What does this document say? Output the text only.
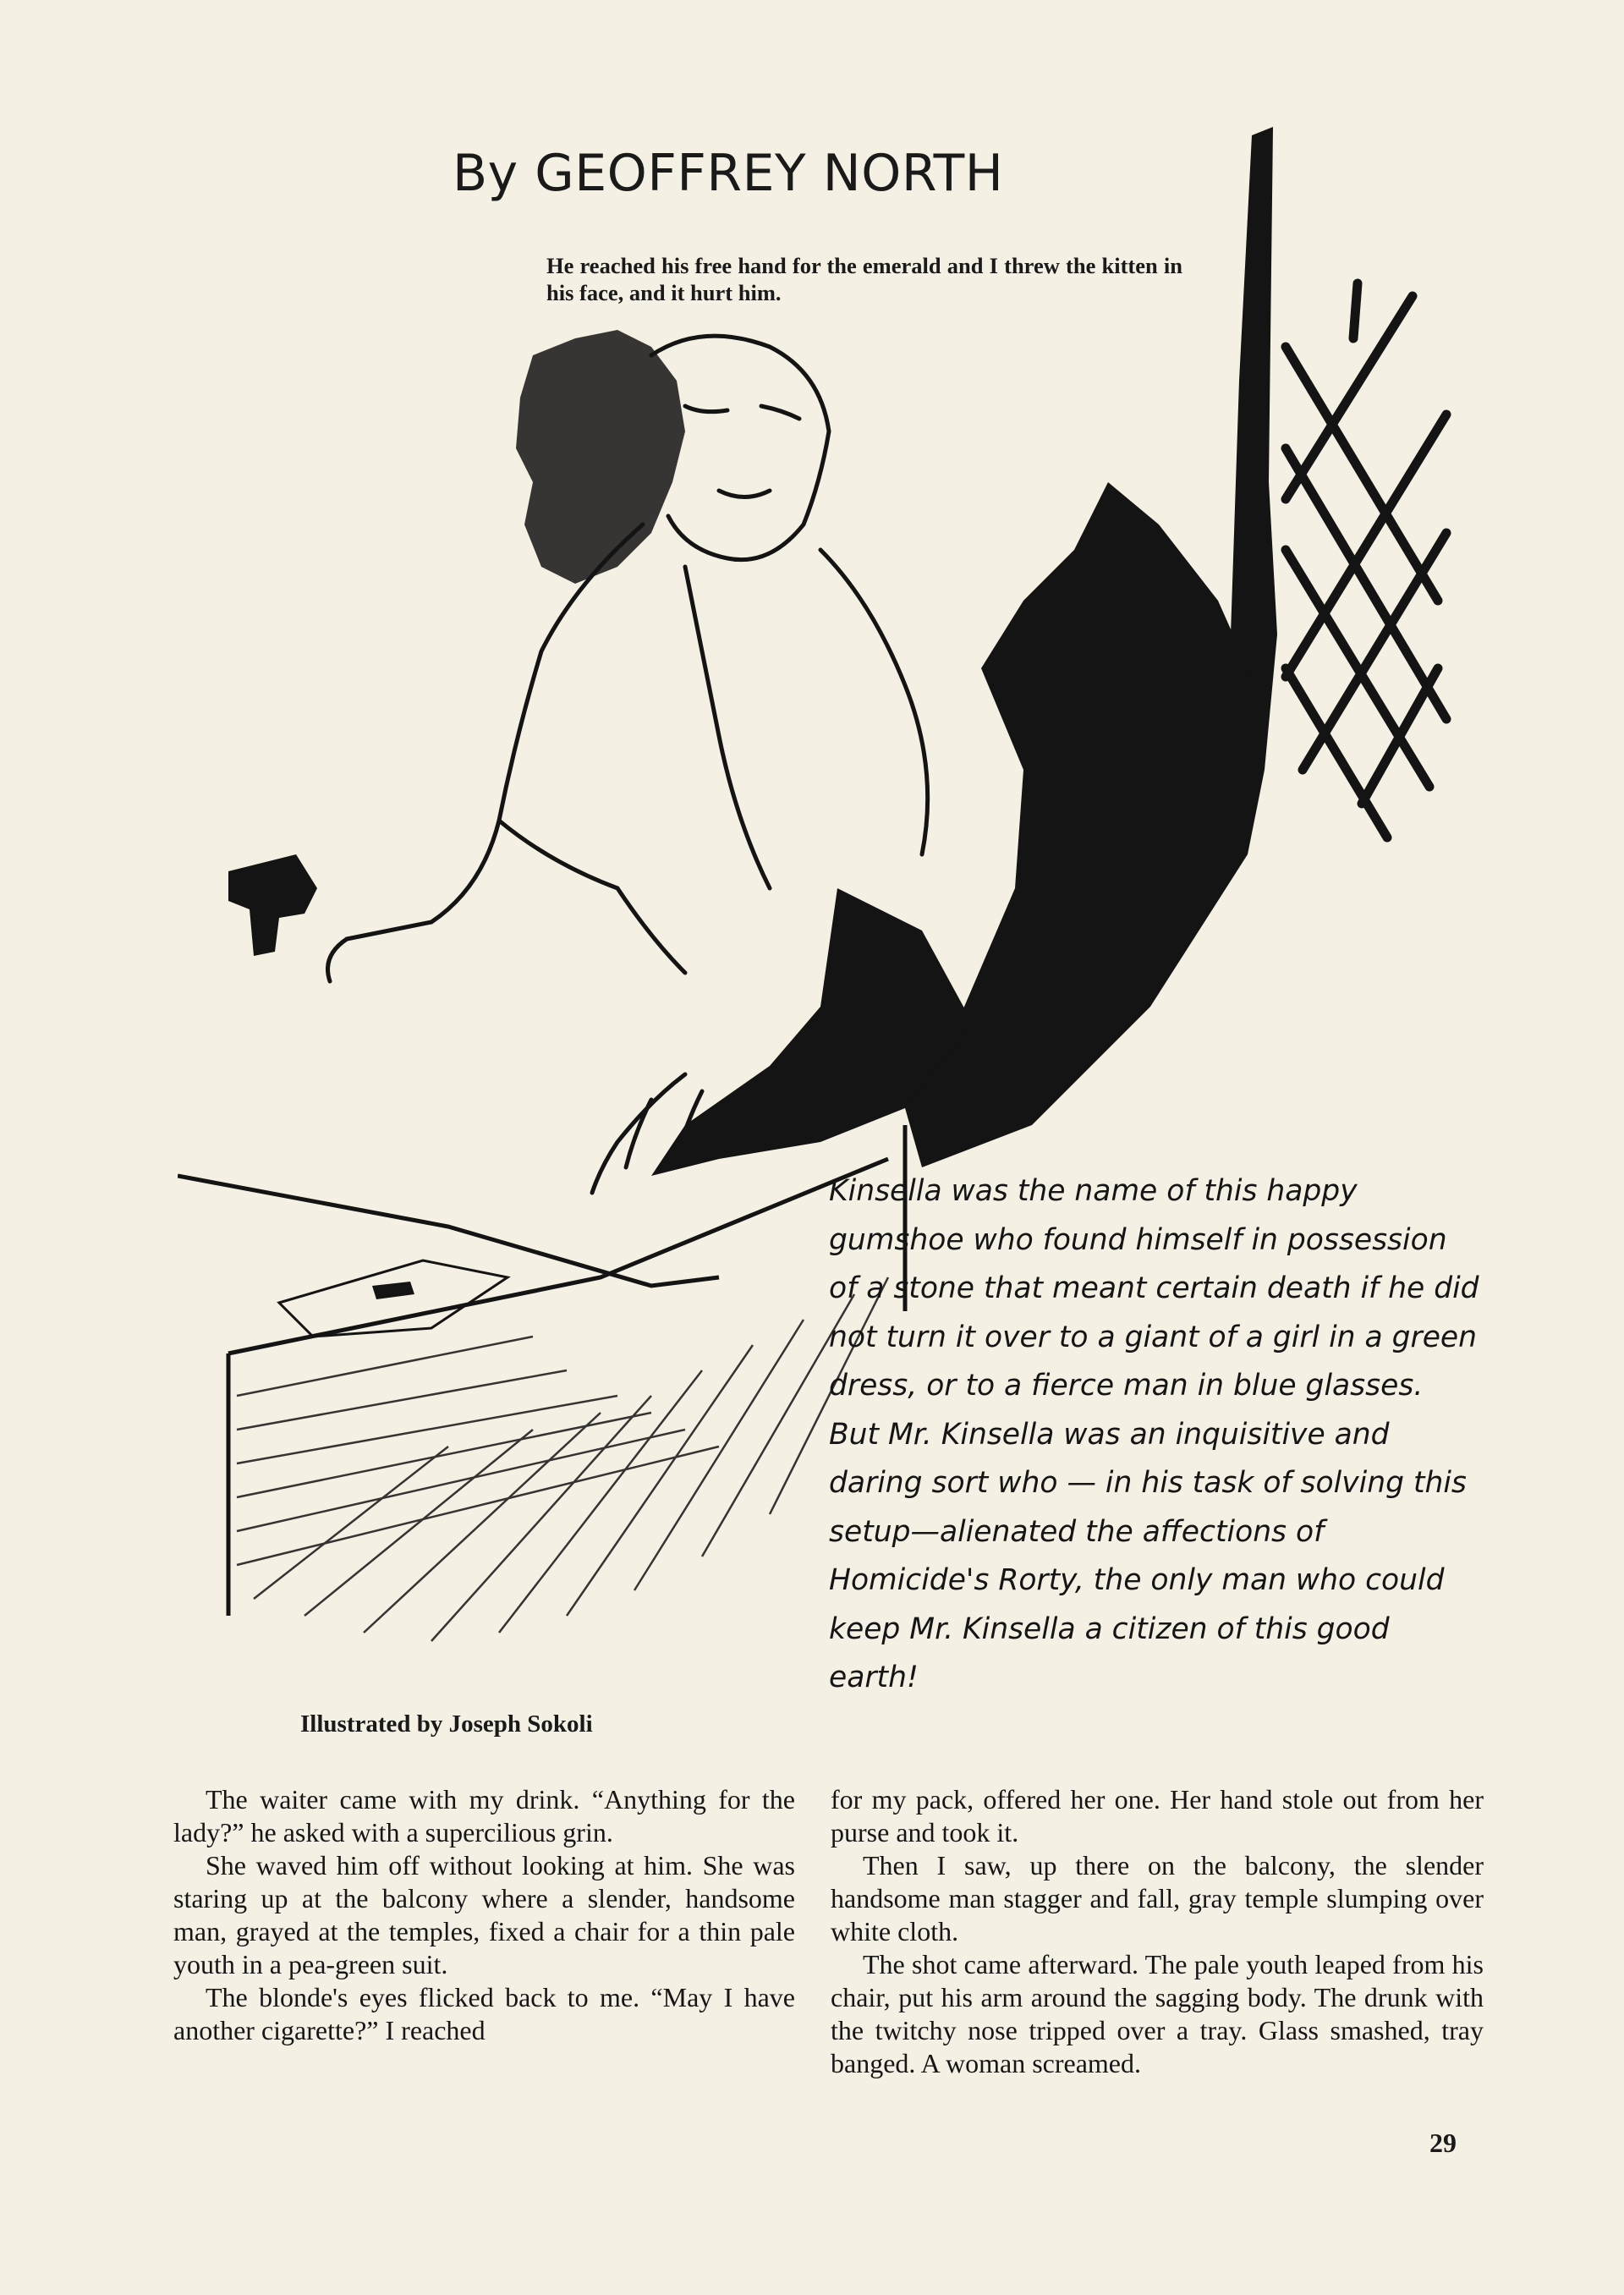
By GEOFFREY NORTH
He reached his free hand for the emerald and I threw the kitten in his face, and it hurt him.
Illustrated by Joseph Sokoli
Kinsella was the name of this happy gumshoe who found himself in possession of a stone that meant certain death if he did not turn it over to a giant of a girl in a green dress, or to a fierce man in blue glasses. But Mr. Kinsella was an inquisitive and daring sort who — in his task of solving this setup—alienated the affections of Homicide's Rorty, the only man who could keep Mr. Kinsella a citizen of this good earth!

The waiter came with my drink. “Anything for the lady?” he asked with a supercilious grin.

She waved him off without looking at him. She was staring up at the balcony where a slender, handsome man, grayed at the temples, fixed a chair for a thin pale youth in a pea-green suit.

The blonde's eyes flicked back to me. “May I have another cigarette?” I reached

for my pack, offered her one. Her hand stole out from her purse and took it.

Then I saw, up there on the balcony, the slender handsome man stagger and fall, gray temple slumping over white cloth.

The shot came afterward. The pale youth leaped from his chair, put his arm around the sagging body. The drunk with the twitchy nose tripped over a tray. Glass smashed, tray banged. A woman screamed.

29
